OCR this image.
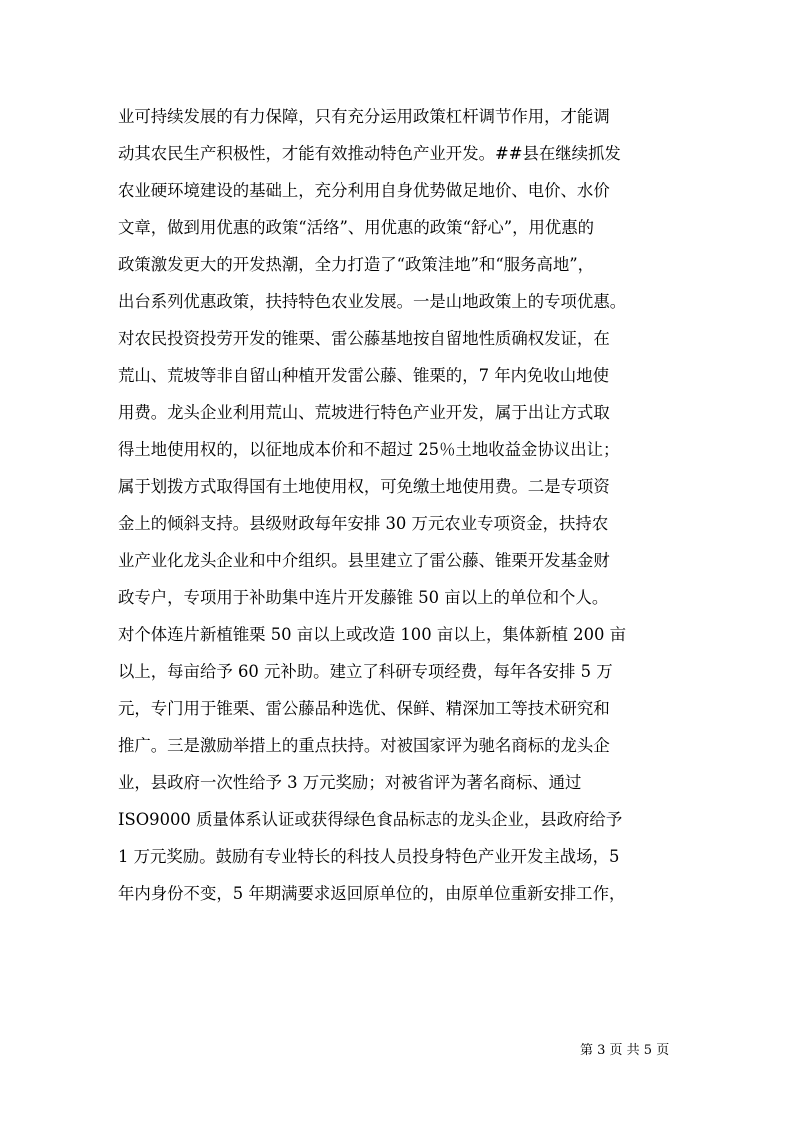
业可持续发展的有力保障，只有充分运用政策杠杆调节作用，才能调
动其农民生产积极性，才能有效推动特色产业开发。##县在继续抓发
农业硬环境建设的基础上，充分利用自身优势做足地价、电价、水价
文章，做到用优惠的政策“活络”、用优惠的政策“舒心”，用优惠的
政策激发更大的开发热潮，全力打造了“政策洼地”和“服务高地”，
出台系列优惠政策，扶持特色农业发展。一是山地政策上的专项优惠。
对农民投资投劳开发的锥栗、雷公藤基地按自留地性质确权发证，在
荒山、荒坡等非自留山种植开发雷公藤、锥栗的，7 年内免收山地使
用费。龙头企业利用荒山、荒坡进行特色产业开发，属于出让方式取
得土地使用权的，以征地成本价和不超过 25％土地收益金协议出让；
属于划拨方式取得国有土地使用权，可免缴土地使用费。二是专项资
金上的倾斜支持。县级财政每年安排 30 万元农业专项资金，扶持农
业产业化龙头企业和中介组织。县里建立了雷公藤、锥栗开发基金财
政专户，专项用于补助集中连片开发藤锥 50 亩以上的单位和个人。
对个体连片新植锥栗 50 亩以上或改造 100 亩以上，集体新植 200 亩
以上，每亩给予 60 元补助。建立了科研专项经费，每年各安排 5 万
元，专门用于锥栗、雷公藤品种选优、保鲜、精深加工等技术研究和
推广。三是激励举措上的重点扶持。对被国家评为驰名商标的龙头企
业，县政府一次性给予 3 万元奖励；对被省评为著名商标、通过
ISO9000 质量体系认证或获得绿色食品标志的龙头企业，县政府给予
1 万元奖励。鼓励有专业特长的科技人员投身特色产业开发主战场，5
年内身份不变，5 年期满要求返回原单位的，由原单位重新安排工作，
第 3 页 共 5 页
